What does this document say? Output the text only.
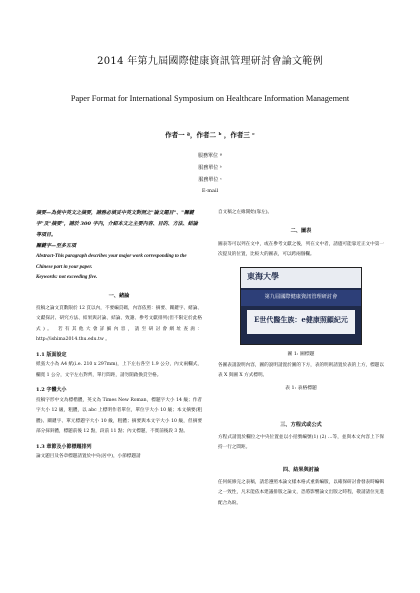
2014 年第九屆國際健康資訊管理研討會論文範例
Paper Format for International Symposium on Healthcare Information Management
作者一 ª，作者二 ᵇ ，作者三 ᶜ
服務單位 ª
服務單位 ᵇ
服務單位 ᶜ
E-mail

摘要—為使中英文之摘要，請務必填妥中英文對照之"論文題目"、"關鍵字"及"摘要"，請於 300 字內，介紹本文之主要內容、目的、方法、結論等項目。

關鍵字—至多五項

Abstract-This paragraph describes your major work corresponding to the Chinese part in your paper.

Keywords: not exceeding five.

一、緒論

投稿之論文頁數限於 12 頁以內，不要編頁碼，內容依照：摘要、關鍵字、緒論、文獻探討、研究方法、結果與討論、結論、致謝、參考文獻排列(但不限定於此格式)。 若有其他大會詳細內容，請至研討會網址查詢：http://ishima2014.thu.edu.tw 。

1.1 版面設定

紙張大小為 A4 紙(i.e. 210 x 297mm)，上下左右各空 1.9 公分，內文兩欄式，欄寬 1 公分，文字左右對齊，單行間距，請勿開啟換頁空格。

1.2 字體大小

投稿字形中文為標楷體，英文為 Times New Roman，標題字大小 14 級；作者字大小 12 級，粗體，以 abc 上標明作者單位，單位字大小 10 級；本文摘要(粗體)、關鍵字、單元標題字大小 10 級，粗體；摘要與本文字大小 10 級，但摘要部分採斜體，標題前後 12 點，段前 11 點；內文標題，不實前後段 3 點。

1.3 章節及小節標題排列

論文題目及各章標題請置於中央(居中)，小節標題請

自文稿之左緣開始(靠左)。

二、圖表

圖表等可以列在文中，或在參考文獻之後，列在文中者，請儘可能靠近正文中第一次提及的位置，比較大的圖表，可以跨兩個欄。

東海大學
第九屆國際健康資訊管理研討會
E世代醫生族：e健康照顧紀元

圖 1: 圖標題

各圖表請說明內容，圖的說明請置於圖的下方，表的明則請置於表的上方，標題以表 X 與圖 X 方式標明。

表 1: 表格標題

三、方程式或公式

方程式請置於欄位之中央位置並以小括號編號(1) (2) …等，並與本文內容上下保持一行之間距。

四、結果與討論

任何統修完之表稿，請恁遵照本論文樣本格式重新編版，以確保研討會發表時編輯之一致性，凡未能依本建議排版之論文，恐將影響論文出版之時程，敬請諸位先進配合為盼。
